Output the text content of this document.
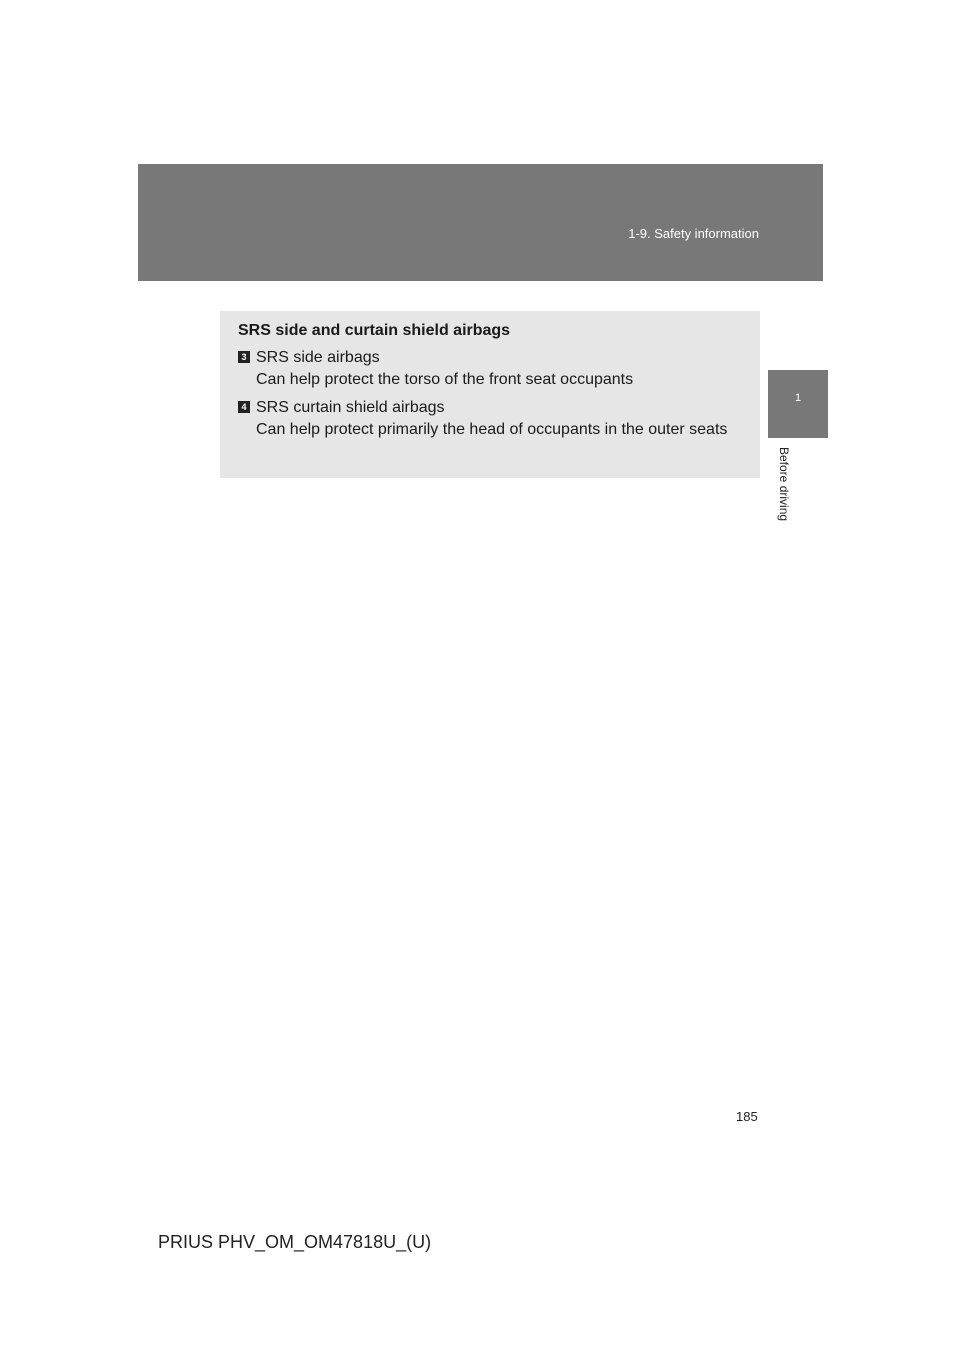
1-9. Safety information
1
Before driving
SRS side and curtain shield airbags
3 SRS side airbags
Can help protect the torso of the front seat occupants
4 SRS curtain shield airbags
Can help protect primarily the head of occupants in the outer seats
185
PRIUS PHV_OM_OM47818U_(U)
